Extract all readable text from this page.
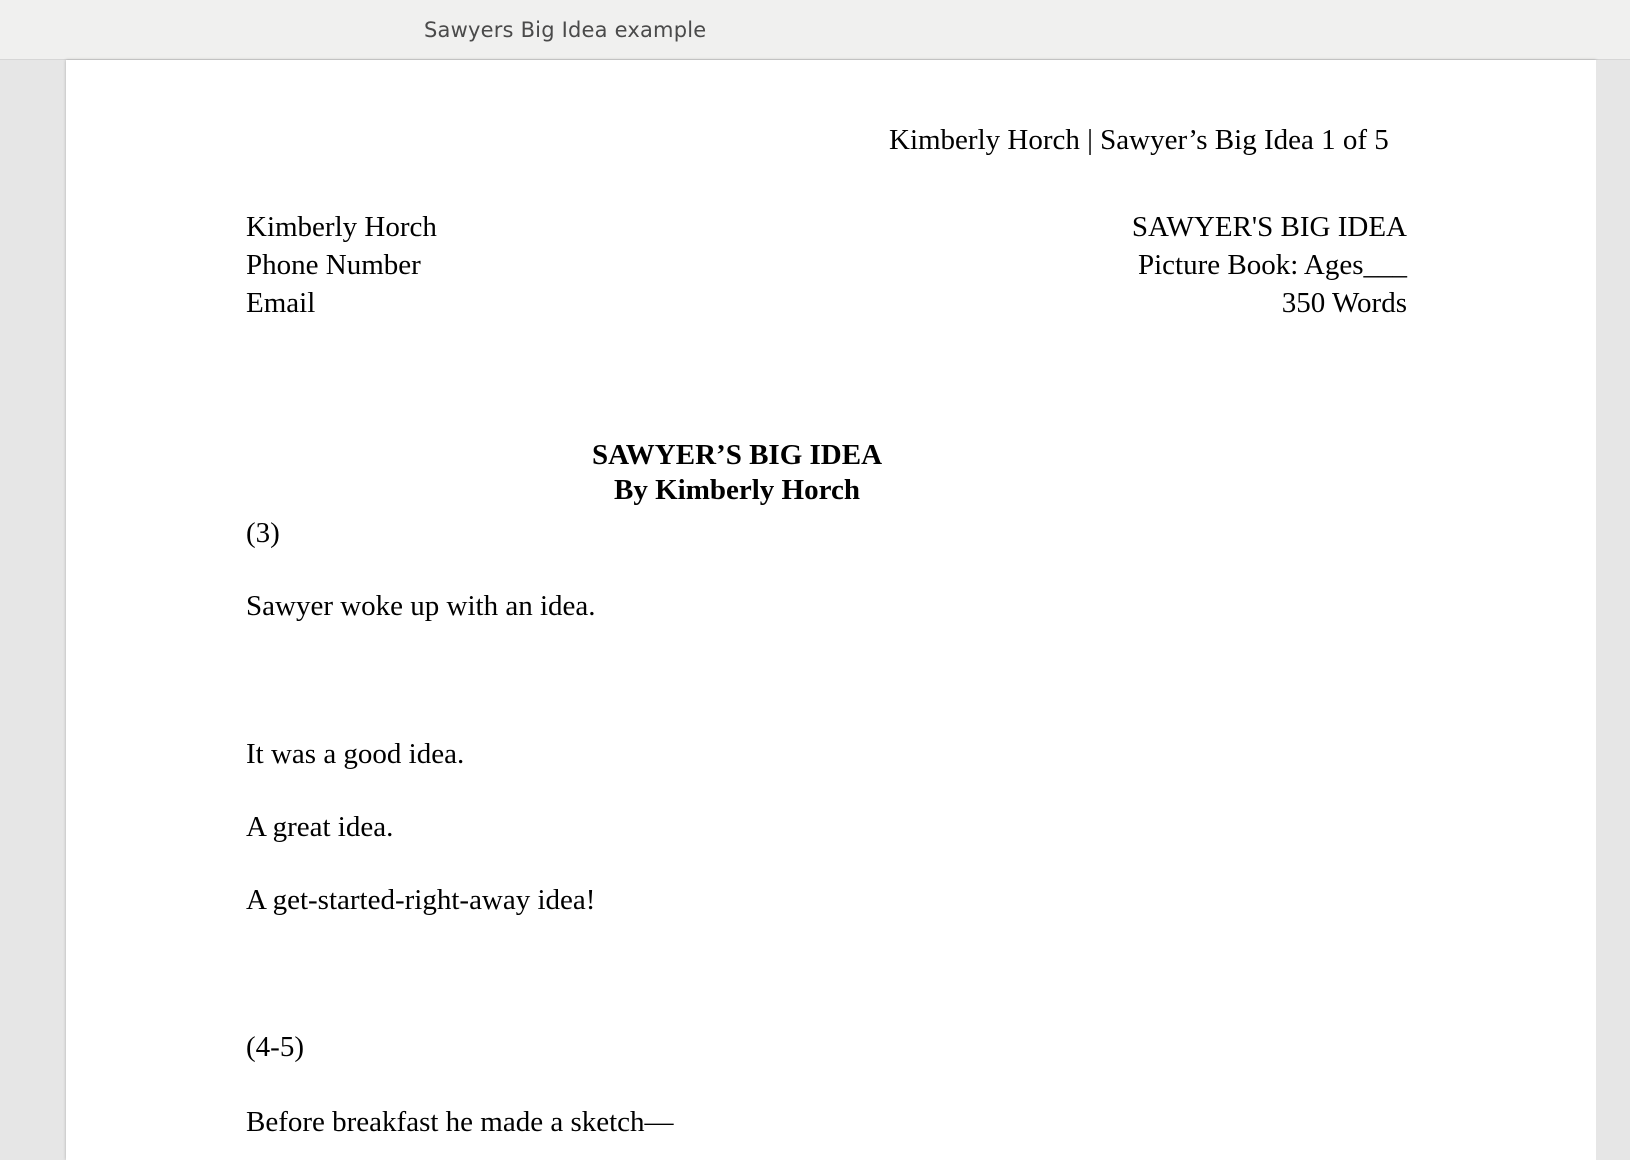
Sawyers Big Idea example
Kimberly Horch | Sawyer’s Big Idea 1 of 5
Kimberly Horch
Phone Number
Email
SAWYER'S BIG IDEA
Picture Book: Ages___
350 Words
SAWYER’S BIG IDEA
By Kimberly Horch
(3)
Sawyer woke up with an idea.
It was a good idea.
A great idea.
A get-started-right-away idea!
(4-5)
Before breakfast he made a sketch—
